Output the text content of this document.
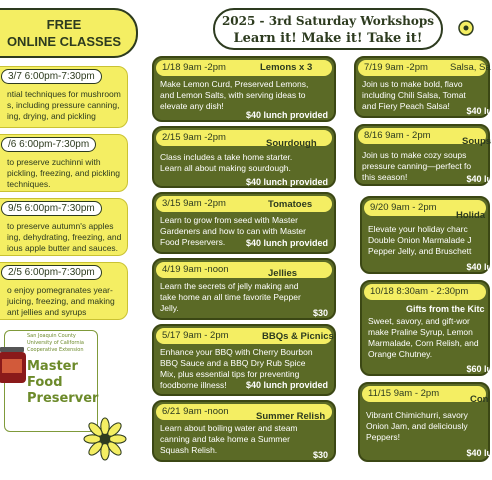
FREE
ONLINE CLASSES
2025 - 3rd Saturday Workshops
Learn it! Make it! Take it!
3/7 6:00pm-7:30pm
ntial techniques for mushroom
s, including pressure canning,
ing, drying, and pickling
/6 6:00pm-7:30pm
to preserve zuchinni with
pickling, freezing, and pickling
techniques.
9/5 6:00pm-7:30pm
to preserve autumn's apples
ing, dehydrating, freezing, and
ious apple butter and sauces.
2/5 6:00pm-7:30pm
o enjoy pomegranates year-
juicing, freezing, and making
ant jellies and syrups
San Joaquin County
University of California
Cooperative Extension
Master
Food
Preserver
1/18 9am -2pm	Lemons x 3
Make Lemon Curd, Preserved Lemons,
and Lemon Salts, with serving ideas to
elevate any dish!
$40 lunch provided
2/15 9am -2pm
Sourdough
Class includes a take home starter.
Learn all about making sourdough.
$40 lunch provided
3/15 9am -2pm	Tomatoes
Learn to grow from seed with Master
Gardeners and how to can with Master
Food Preservers.	$40 lunch provided
4/19 9am -noon	Jellies
Learn the secrets of jelly making and
take home an all time favorite Pepper
Jelly.	$30
5/17 9am - 2pm	BBQs & Picnics
Enhance your BBQ with Cherry Bourbon
BBQ Sauce and a BBQ Dry Rub Spice
Mix, plus essential tips for preventing
foodborne illness!	$40 lunch provided
6/21 9am -noon	Summer Relish
Learn about boiling water and steam
canning and take home a Summer
Squash Relish.	$30
7/19 9am -2pm Salsa, Sa
Join us to make bold, flavo
including Chili Salsa, Tomat
and Fiery Peach Salsa!	$40 lu
8/16 9am - 2pm
Soups
Join us to make cozy soups
pressure canning—perfect fo
this season!	$40 lu
9/20 9am - 2pm
Holida
Elevate your holiday charc
Double Onion Marmalade J
Pepper Jelly, and Bruschett
$40 lu
10/18 8:30am - 2:30pm
Gifts from the Kitc
Sweet, savory, and gift-wor
make Praline Syrup, Lemon
Marmalade, Corn Relish, and
Orange Chutney.
$60 lu
11/15 9am - 2pm
Con
Vibrant Chimichurri, savory
Onion Jam, and deliciously
Peppers!
$40 lu
